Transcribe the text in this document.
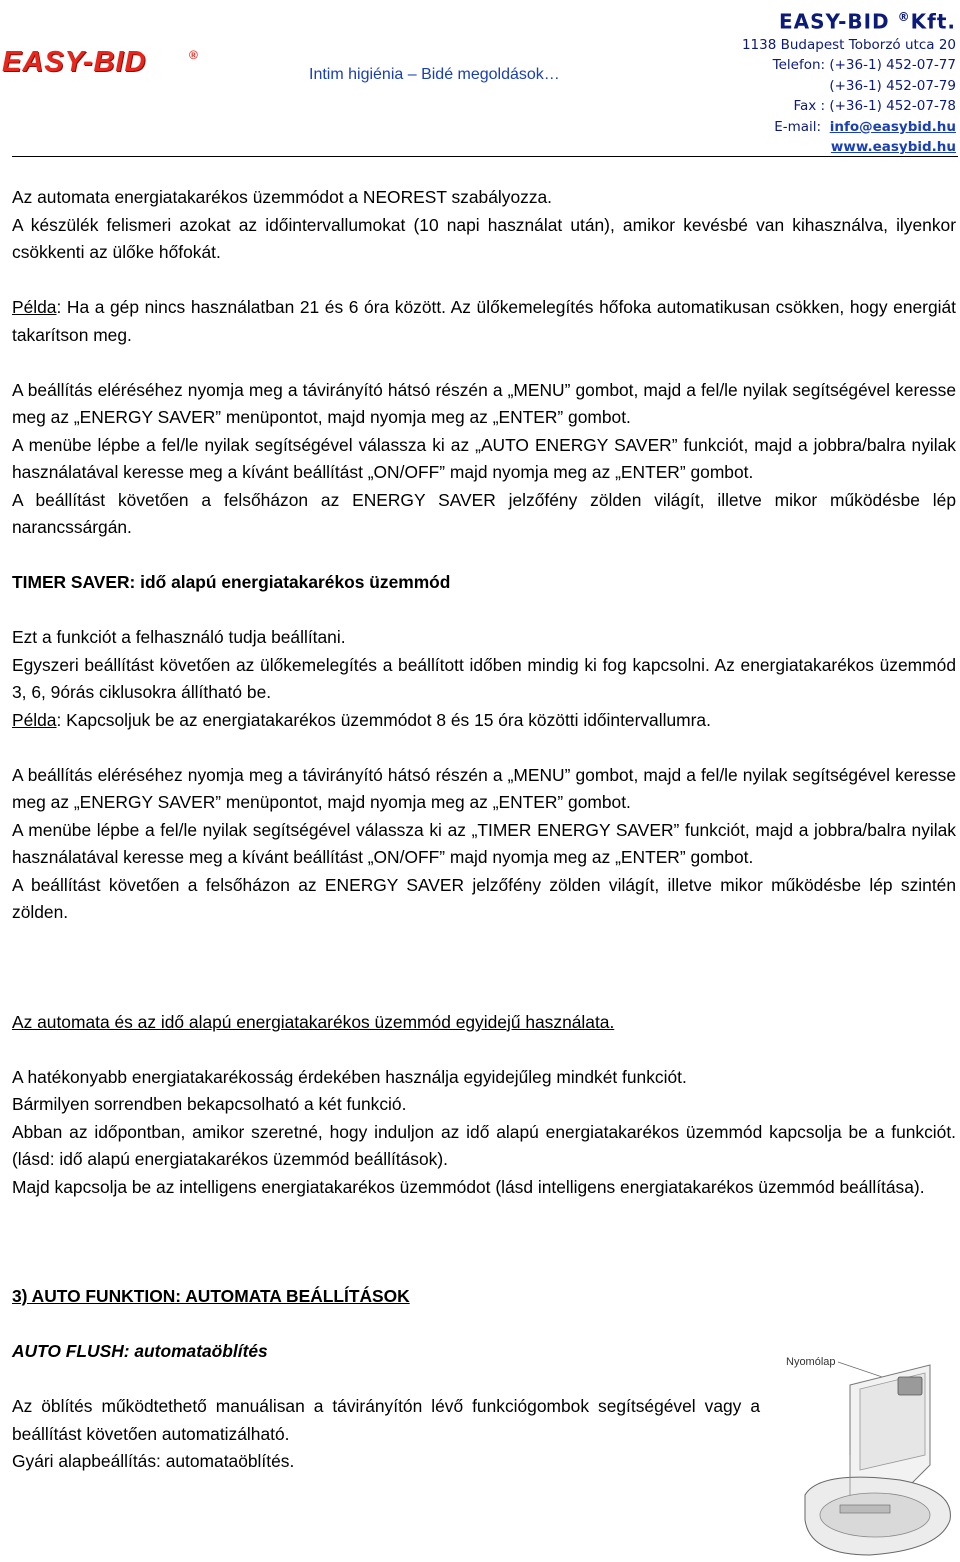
EASY-BID	®
Intim higiénia – Bidé megoldások…
EASY-BID ®Kft.
1138 Budapest Toborzó utca 20
Telefon: (+36-1) 452-07-77
(+36-1) 452-07-79
Fax : (+36-1) 452-07-78
E-mail: info@easybid.hu
www.easybid.hu

Az automata energiatakarékos üzemmódot a NEOREST szabályozza.

A készülék felismeri azokat az időintervallumokat (10 napi használat után), amikor kevésbé van kihasználva, ilyenkor csökkenti az ülőke hőfokát.

Példa: Ha a gép nincs használatban 21 és 6 óra között. Az ülőkemelegítés hőfoka automatikusan csökken, hogy energiát takarítson meg.

A beállítás eléréséhez nyomja meg a távirányító hátsó részén a „MENU” gombot, majd a fel/le nyilak segítségével keresse meg az „ENERGY SAVER” menüpontot, majd nyomja meg az „ENTER” gombot.

A menübe lépbe a fel/le nyilak segítségével válassza ki az „AUTO ENERGY SAVER” funkciót, majd a jobbra/balra nyilak használatával keresse meg a kívánt beállítást „ON/OFF” majd nyomja meg az „ENTER” gombot.

A beállítást követően a felsőházon az ENERGY SAVER jelzőfény zölden világít, illetve mikor működésbe lép narancssárgán.

TIMER SAVER: idő alapú energiatakarékos üzemmód

Ezt a funkciót a felhasználó tudja beállítani.

Egyszeri beállítást követően az ülőkemelegítés a beállított időben mindig ki fog kapcsolni. Az energiatakarékos üzemmód 3, 6, 9órás ciklusokra állítható be.

Példa: Kapcsoljuk be az energiatakarékos üzemmódot 8 és 15 óra közötti időintervallumra.

A beállítás eléréséhez nyomja meg a távirányító hátsó részén a „MENU” gombot, majd a fel/le nyilak segítségével keresse meg az „ENERGY SAVER” menüpontot, majd nyomja meg az „ENTER” gombot.

A menübe lépbe a fel/le nyilak segítségével válassza ki az „TIMER ENERGY SAVER” funkciót, majd a jobbra/balra nyilak használatával keresse meg a kívánt beállítást „ON/OFF” majd nyomja meg az „ENTER” gombot.

A beállítást követően a felsőházon az ENERGY SAVER jelzőfény zölden világít, illetve mikor működésbe lép szintén zölden.

Az automata és az idő alapú energiatakarékos üzemmód egyidejű használata.

A hatékonyabb energiatakarékosság érdekében használja egyidejűleg mindkét funkciót.

Bármilyen sorrendben bekapcsolható a két funkció.

Abban az időpontban, amikor szeretné, hogy induljon az idő alapú energiatakarékos üzemmód kapcsolja be a funkciót. (lásd: idő alapú energiatakarékos üzemmód beállítások).

Majd kapcsolja be az intelligens energiatakarékos üzemmódot (lásd intelligens energiatakarékos üzemmód beállítása).

3) AUTO FUNKTION: AUTOMATA BEÁLLÍTÁSOK

AUTO FLUSH: automataöblítés

Az öblítés működtethető manuálisan a távirányítón lévő funkciógombok segítségével vagy a beállítást követően automatizálható.

Gyári alapbeállítás: automataöblítés.

Nyomólap
